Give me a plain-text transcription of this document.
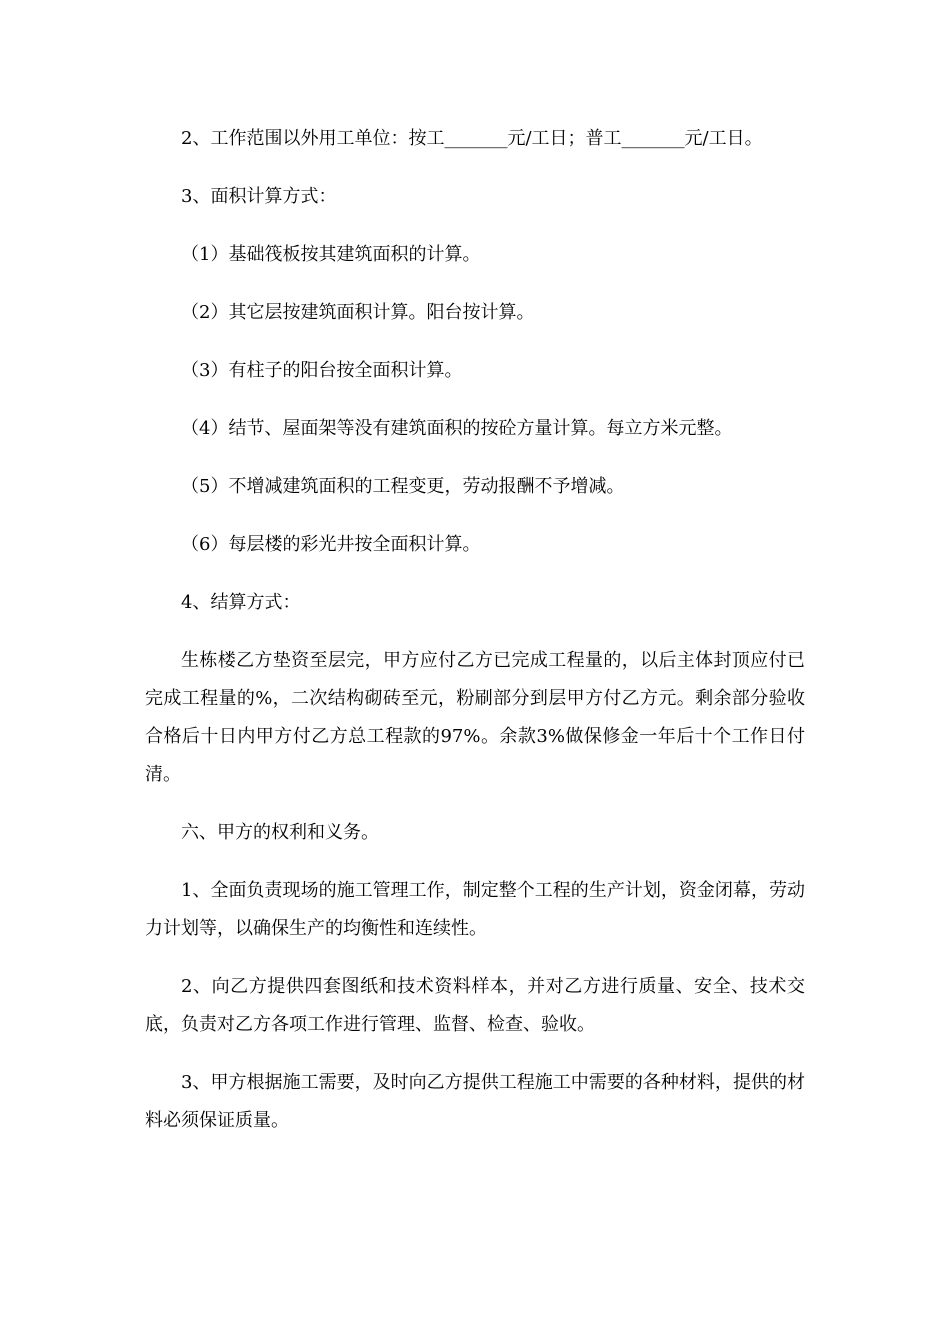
2、工作范围以外用工单位：按工_______元/工日；普工_______元/工日。

3、面积计算方式：

（1）基础筏板按其建筑面积的计算。

（2）其它层按建筑面积计算。阳台按计算。

（3）有柱子的阳台按全面积计算。

（4）结节、屋面架等没有建筑面积的按砼方量计算。每立方米元整。

（5）不增减建筑面积的工程变更，劳动报酬不予增减。

（6）每层楼的彩光井按全面积计算。

4、结算方式：

生栋楼乙方垫资至层完，甲方应付乙方已完成工程量的，以后主体封顶应付已完成工程量的%，二次结构砌砖至元，粉刷部分到层甲方付乙方元。剩余部分验收合格后十日内甲方付乙方总工程款的97%。余款3%做保修金一年后十个工作日付清。

六、甲方的权利和义务。

1、全面负责现场的施工管理工作，制定整个工程的生产计划，资金闭幕，劳动力计划等，以确保生产的均衡性和连续性。

2、向乙方提供四套图纸和技术资料样本，并对乙方进行质量、安全、技术交底，负责对乙方各项工作进行管理、监督、检查、验收。

3、甲方根据施工需要，及时向乙方提供工程施工中需要的各种材料，提供的材料必须保证质量。
